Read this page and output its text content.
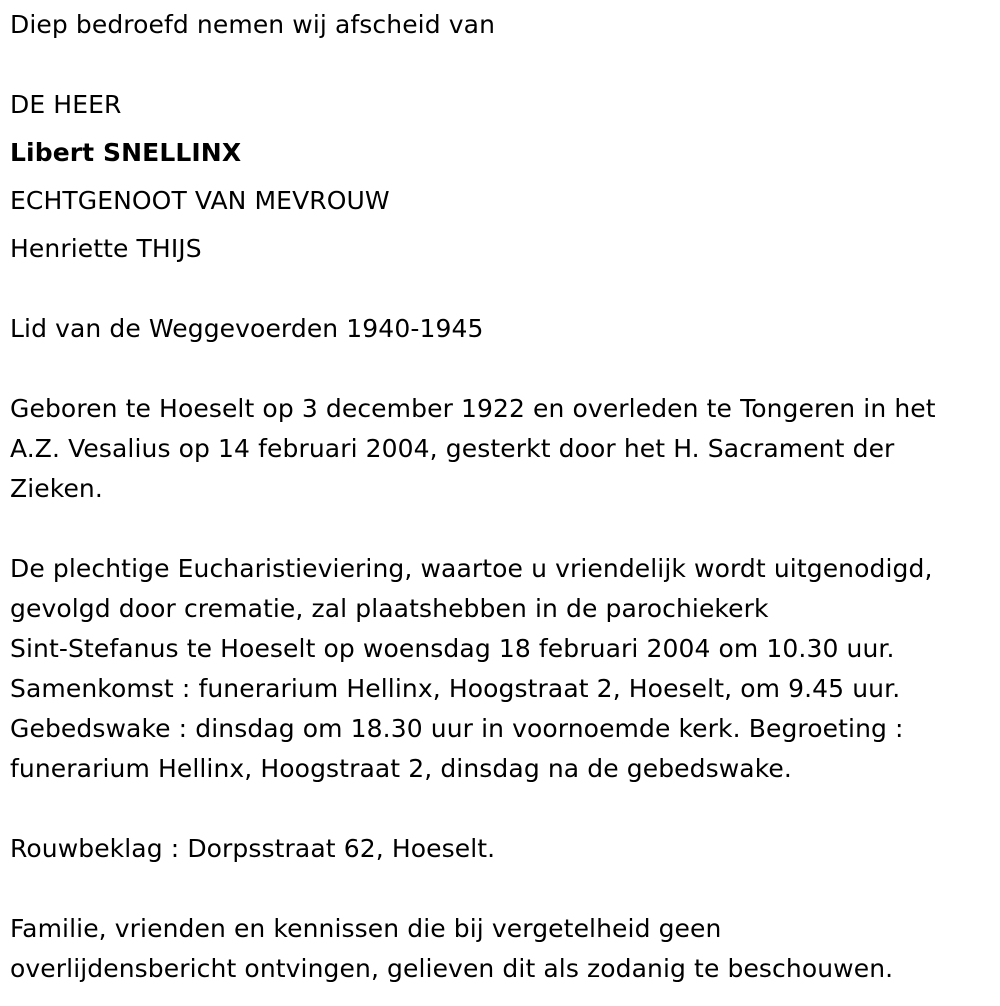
Diep bedroefd nemen wij afscheid van
DE HEER
Libert SNELLINX
ECHTGENOOT VAN MEVROUW
Henriette THIJS
Lid van de Weggevoerden 1940-1945
Geboren te Hoeselt op 3 december 1922 en overleden te Tongeren in het
A.Z. Vesalius op 14 februari 2004, gesterkt door het H. Sacrament der
Zieken.
De plechtige Eucharistieviering, waartoe u vriendelijk wordt uitgenodigd,
gevolgd door crematie, zal plaatshebben in de parochiekerk
Sint-Stefanus te Hoeselt op woensdag 18 februari 2004 om 10.30 uur.
Samenkomst : funerarium Hellinx, Hoogstraat 2, Hoeselt, om 9.45 uur.
Gebedswake : dinsdag om 18.30 uur in voornoemde kerk. Begroeting :
funerarium Hellinx, Hoogstraat 2, dinsdag na de gebedswake.
Rouwbeklag : Dorpsstraat 62, Hoeselt.
Familie, vrienden en kennissen die bij vergetelheid geen
overlijdensbericht ontvingen, gelieven dit als zodanig te beschouwen.
